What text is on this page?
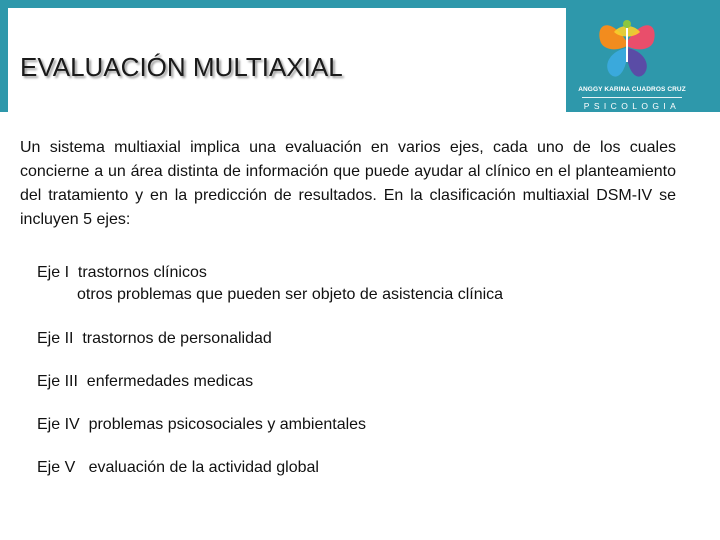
EVALUACIÓN MULTIAXIAL
ANGGY KARINA CUADROS CRUZ
PSICOLOGIA
Un sistema multiaxial implica una evaluación en varios ejes, cada uno de los cuales concierne a un área distinta de información que puede ayudar al clínico en el planteamiento del tratamiento y en la predicción de resultados. En la clasificación multiaxial DSM-IV se incluyen 5 ejes:
Eje I  trastornos clínicos
otros problemas que pueden ser objeto de asistencia clínica
Eje II  trastornos de personalidad
Eje III  enfermedades medicas
Eje IV  problemas psicosociales y ambientales
Eje V   evaluación de la actividad global
